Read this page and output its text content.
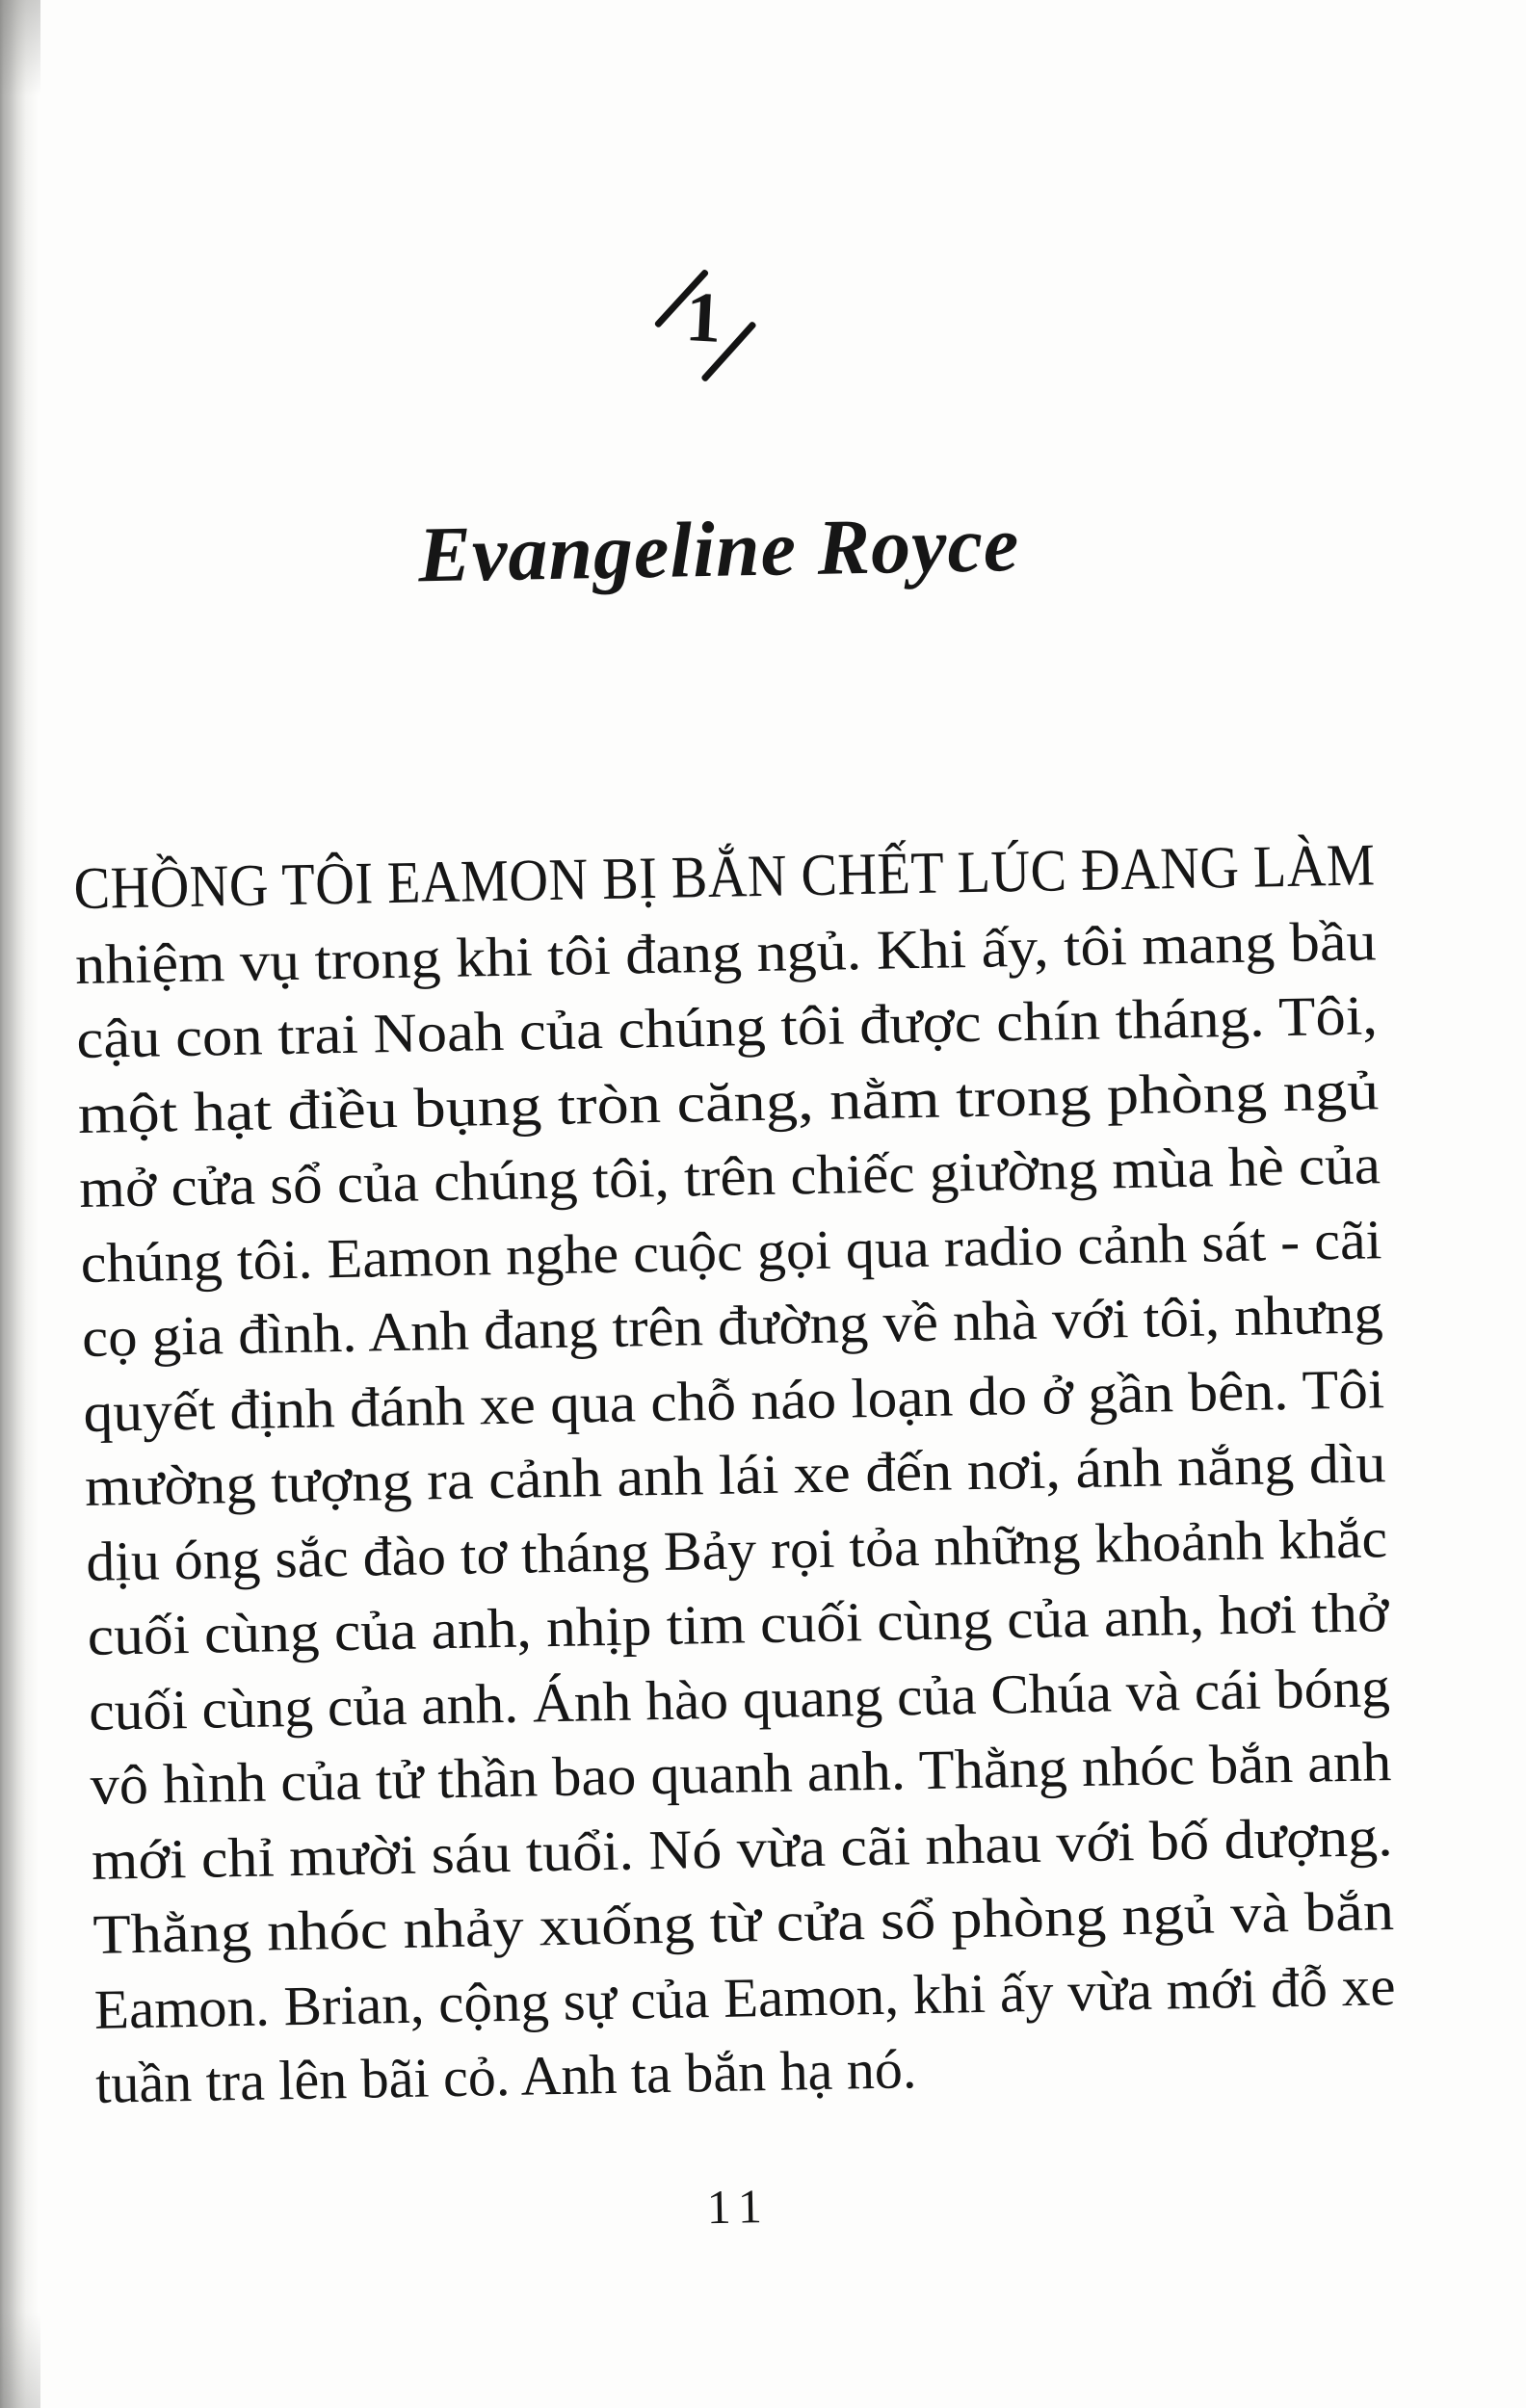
1
Evangeline Royce
CHỒNG TÔI EAMON BỊ BẮN CHẾT LÚC ĐANG LÀM
nhiệm vụ trong khi tôi đang ngủ. Khi ấy, tôi mang bầu
cậu con trai Noah của chúng tôi được chín tháng. Tôi,
một hạt điều bụng tròn căng, nằm trong phòng ngủ
mở cửa sổ của chúng tôi, trên chiếc giường mùa hè của
chúng tôi. Eamon nghe cuộc gọi qua radio cảnh sát - cãi
cọ gia đình. Anh đang trên đường về nhà với tôi, nhưng
quyết định đánh xe qua chỗ náo loạn do ở gần bên. Tôi
mường tượng ra cảnh anh lái xe đến nơi, ánh nắng dìu
dịu óng sắc đào tơ tháng Bảy rọi tỏa những khoảnh khắc
cuối cùng của anh, nhịp tim cuối cùng của anh, hơi thở
cuối cùng của anh. Ánh hào quang của Chúa và cái bóng
vô hình của tử thần bao quanh anh. Thằng nhóc bắn anh
mới chỉ mười sáu tuổi. Nó vừa cãi nhau với bố dượng.
Thằng nhóc nhảy xuống từ cửa sổ phòng ngủ và bắn
Eamon. Brian, cộng sự của Eamon, khi ấy vừa mới đỗ xe
tuần tra lên bãi cỏ. Anh ta bắn hạ nó.
11
